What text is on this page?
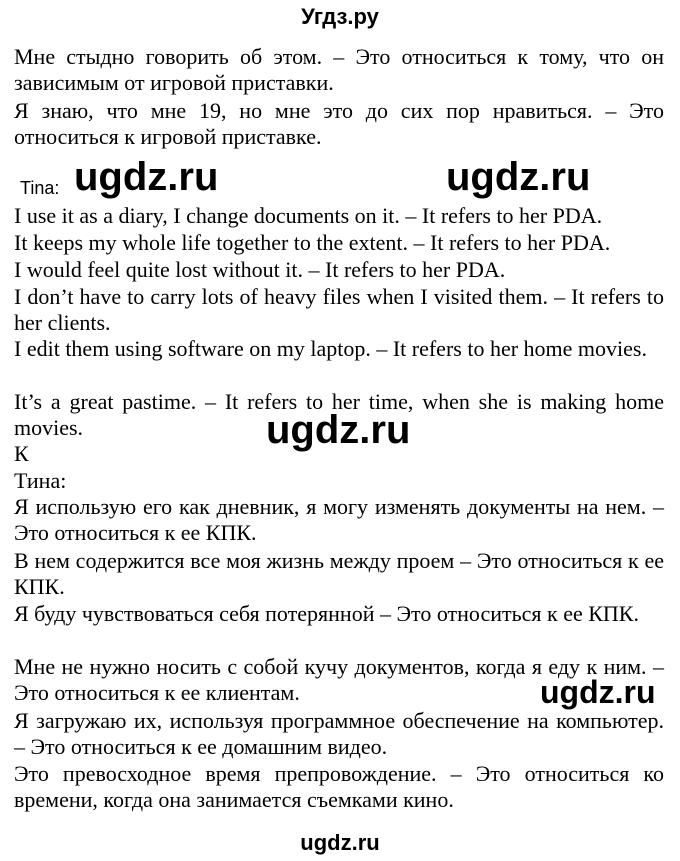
Угдз.ру
Мне стыдно говорить об этом. – Это относиться к тому, что он зависимым от игровой приставки.
Я знаю, что мне 19, но мне это до сих пор нравиться. – Это относиться к игровой приставке.
Tina: ugdz.ru	ugdz.ru
I use it as a diary, I change documents on it. – It refers to her PDA.
It keeps my whole life together to the extent. – It refers to her PDA.
I would feel quite lost without it. – It refers to her PDA.
I don’t have to carry lots of heavy files when I visited them. – It refers to her clients.
I edit them using software on my laptop. – It refers to her home movies.
It’s a great pastime. – It refers to her time, when she is making home movies.	ugdz.ru
К
Тина:
Я использую его как дневник, я могу изменять документы на нем. – Это относиться к ее КПК.
В нем содержится все моя жизнь между проем – Это относиться к ее КПК.
Я буду чувствоваться себя потерянной – Это относиться к ее КПК.
Мне не нужно носить с собой кучу документов, когда я еду к ним. – Это относиться к ее клиентам.	ugdz.ru
Я загружаю их, используя программное обеспечение на компьютер. – Это относиться к ее домашним видео.
Это превосходное время препровождение. – Это относиться ко времени, когда она занимается съемками кино.
ugdz.ru
